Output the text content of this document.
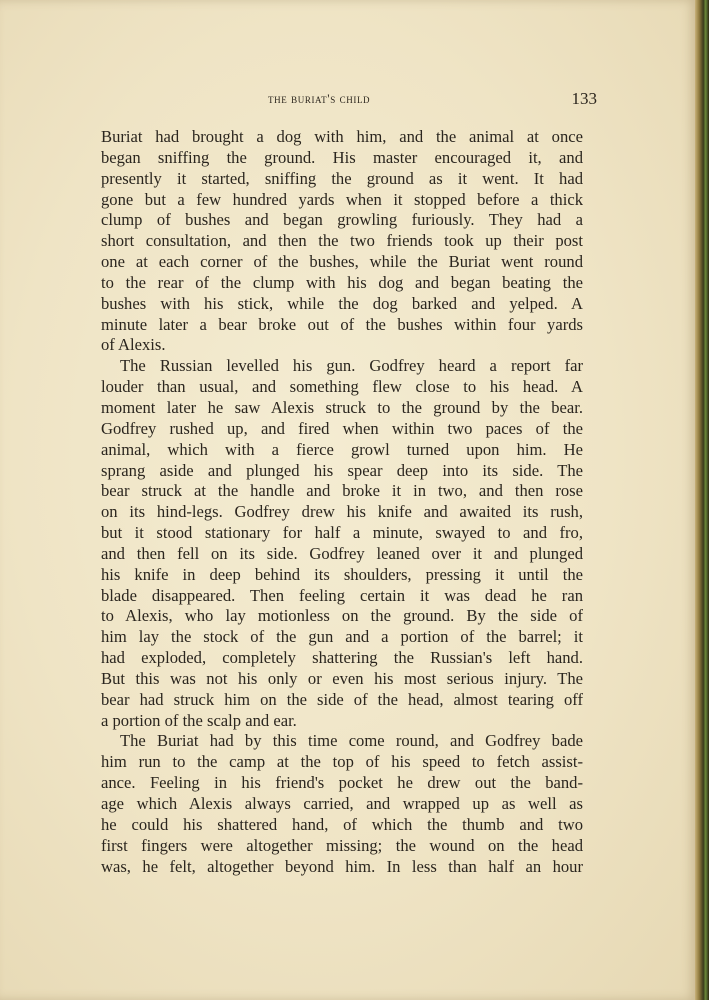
the buriat's child	133
Buriat had brought a dog with him, and the animal at once
began sniffing the ground. His master encouraged it, and
presently it started, sniffing the ground as it went. It had
gone but a few hundred yards when it stopped before a thick
clump of bushes and began growling furiously. They had a
short consultation, and then the two friends took up their post
one at each corner of the bushes, while the Buriat went round
to the rear of the clump with his dog and began beating the
bushes with his stick, while the dog barked and yelped. A
minute later a bear broke out of the bushes within four yards
of Alexis.
The Russian levelled his gun. Godfrey heard a report far
louder than usual, and something flew close to his head. A
moment later he saw Alexis struck to the ground by the bear.
Godfrey rushed up, and fired when within two paces of the
animal, which with a fierce growl turned upon him. He
sprang aside and plunged his spear deep into its side. The
bear struck at the handle and broke it in two, and then rose
on its hind-legs. Godfrey drew his knife and awaited its rush,
but it stood stationary for half a minute, swayed to and fro,
and then fell on its side. Godfrey leaned over it and plunged
his knife in deep behind its shoulders, pressing it until the
blade disappeared. Then feeling certain it was dead he ran
to Alexis, who lay motionless on the ground. By the side of
him lay the stock of the gun and a portion of the barrel; it
had exploded, completely shattering the Russian's left hand.
But this was not his only or even his most serious injury. The
bear had struck him on the side of the head, almost tearing off
a portion of the scalp and ear.
The Buriat had by this time come round, and Godfrey bade
him run to the camp at the top of his speed to fetch assist-
ance. Feeling in his friend's pocket he drew out the band-
age which Alexis always carried, and wrapped up as well as
he could his shattered hand, of which the thumb and two
first fingers were altogether missing; the wound on the head
was, he felt, altogether beyond him. In less than half an hour
